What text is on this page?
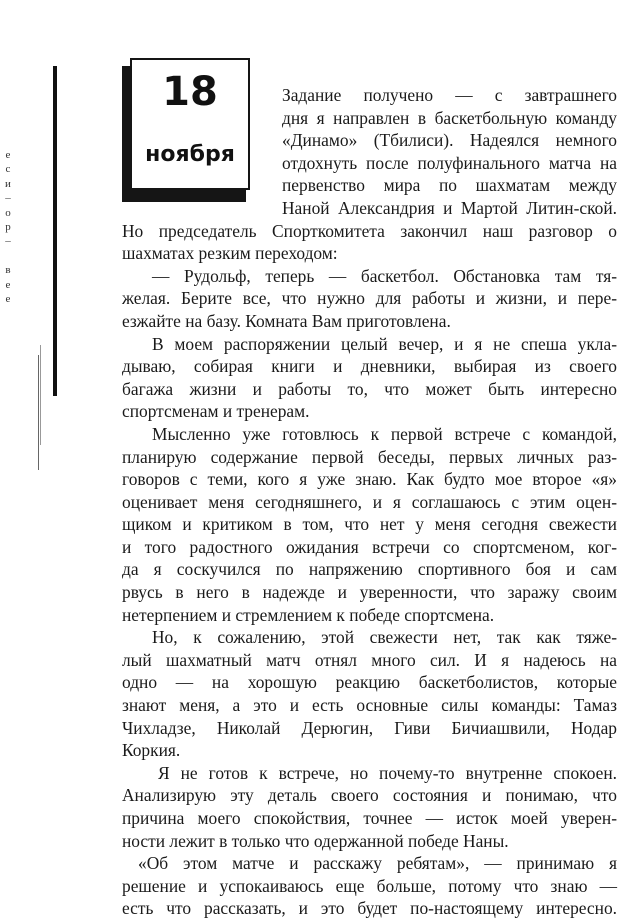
е
с
и
–
о
р
–
в
е
е
18
ноября
Задание получено — с завтрашнего
дня я направлен в баскетбольную команду
«Динамо» (Тбилиси). Надеялся немного
отдохнуть после полуфинального матча на
первенство мира по шахматам между
Наной Александрия и Мартой Литин-ской.
Но председатель Спорткомитета закончил наш разговор о
шахматах резким переходом:
— Рудольф, теперь — баскетбол. Обстановка там тя-
желая. Берите все, что нужно для работы и жизни, и пере-
езжайте на базу. Комната Вам приготовлена.
В моем распоряжении целый вечер, и я не спеша укла-
дываю, собирая книги и дневники, выбирая из своего
багажа жизни и работы то, что может быть интересно
спортсменам и тренерам.
Мысленно уже готовлюсь к первой встрече с командой,
планирую содержание первой беседы, первых личных раз-
говоров с теми, кого я уже знаю. Как будто мое второе «я»
оценивает меня сегодняшнего, и я соглашаюсь с этим оцен-
щиком и критиком в том, что нет у меня сегодня свежести
и того радостного ожидания встречи со спортсменом, ког-
да я соскучился по напряжению спортивного боя и сам
рвусь в него в надежде и уверенности, что заражу своим
нетерпением и стремлением к победе спортсмена.
Но, к сожалению, этой свежести нет, так как тяже-
лый шахматный матч отнял много сил. И я надеюсь на
одно — на хорошую реакцию баскетболистов, которые
знают меня, а это и есть основные силы команды: Тамаз
Чихладзе, Николай Дерюгин, Гиви Бичиашвили, Нодар
Коркия.
Я не готов к встрече, но почему-то внутренне спокоен.
Анализирую эту деталь своего состояния и понимаю, что
причина моего спокойствия, точнее — исток моей уверен-
ности лежит в только что одержанной победе Наны.
«Об этом матче и расскажу ребятам», — принимаю я
решение и успокаиваюсь еще больше, потому что знаю —
есть что рассказать, и это будет по-настоящему интересно.
